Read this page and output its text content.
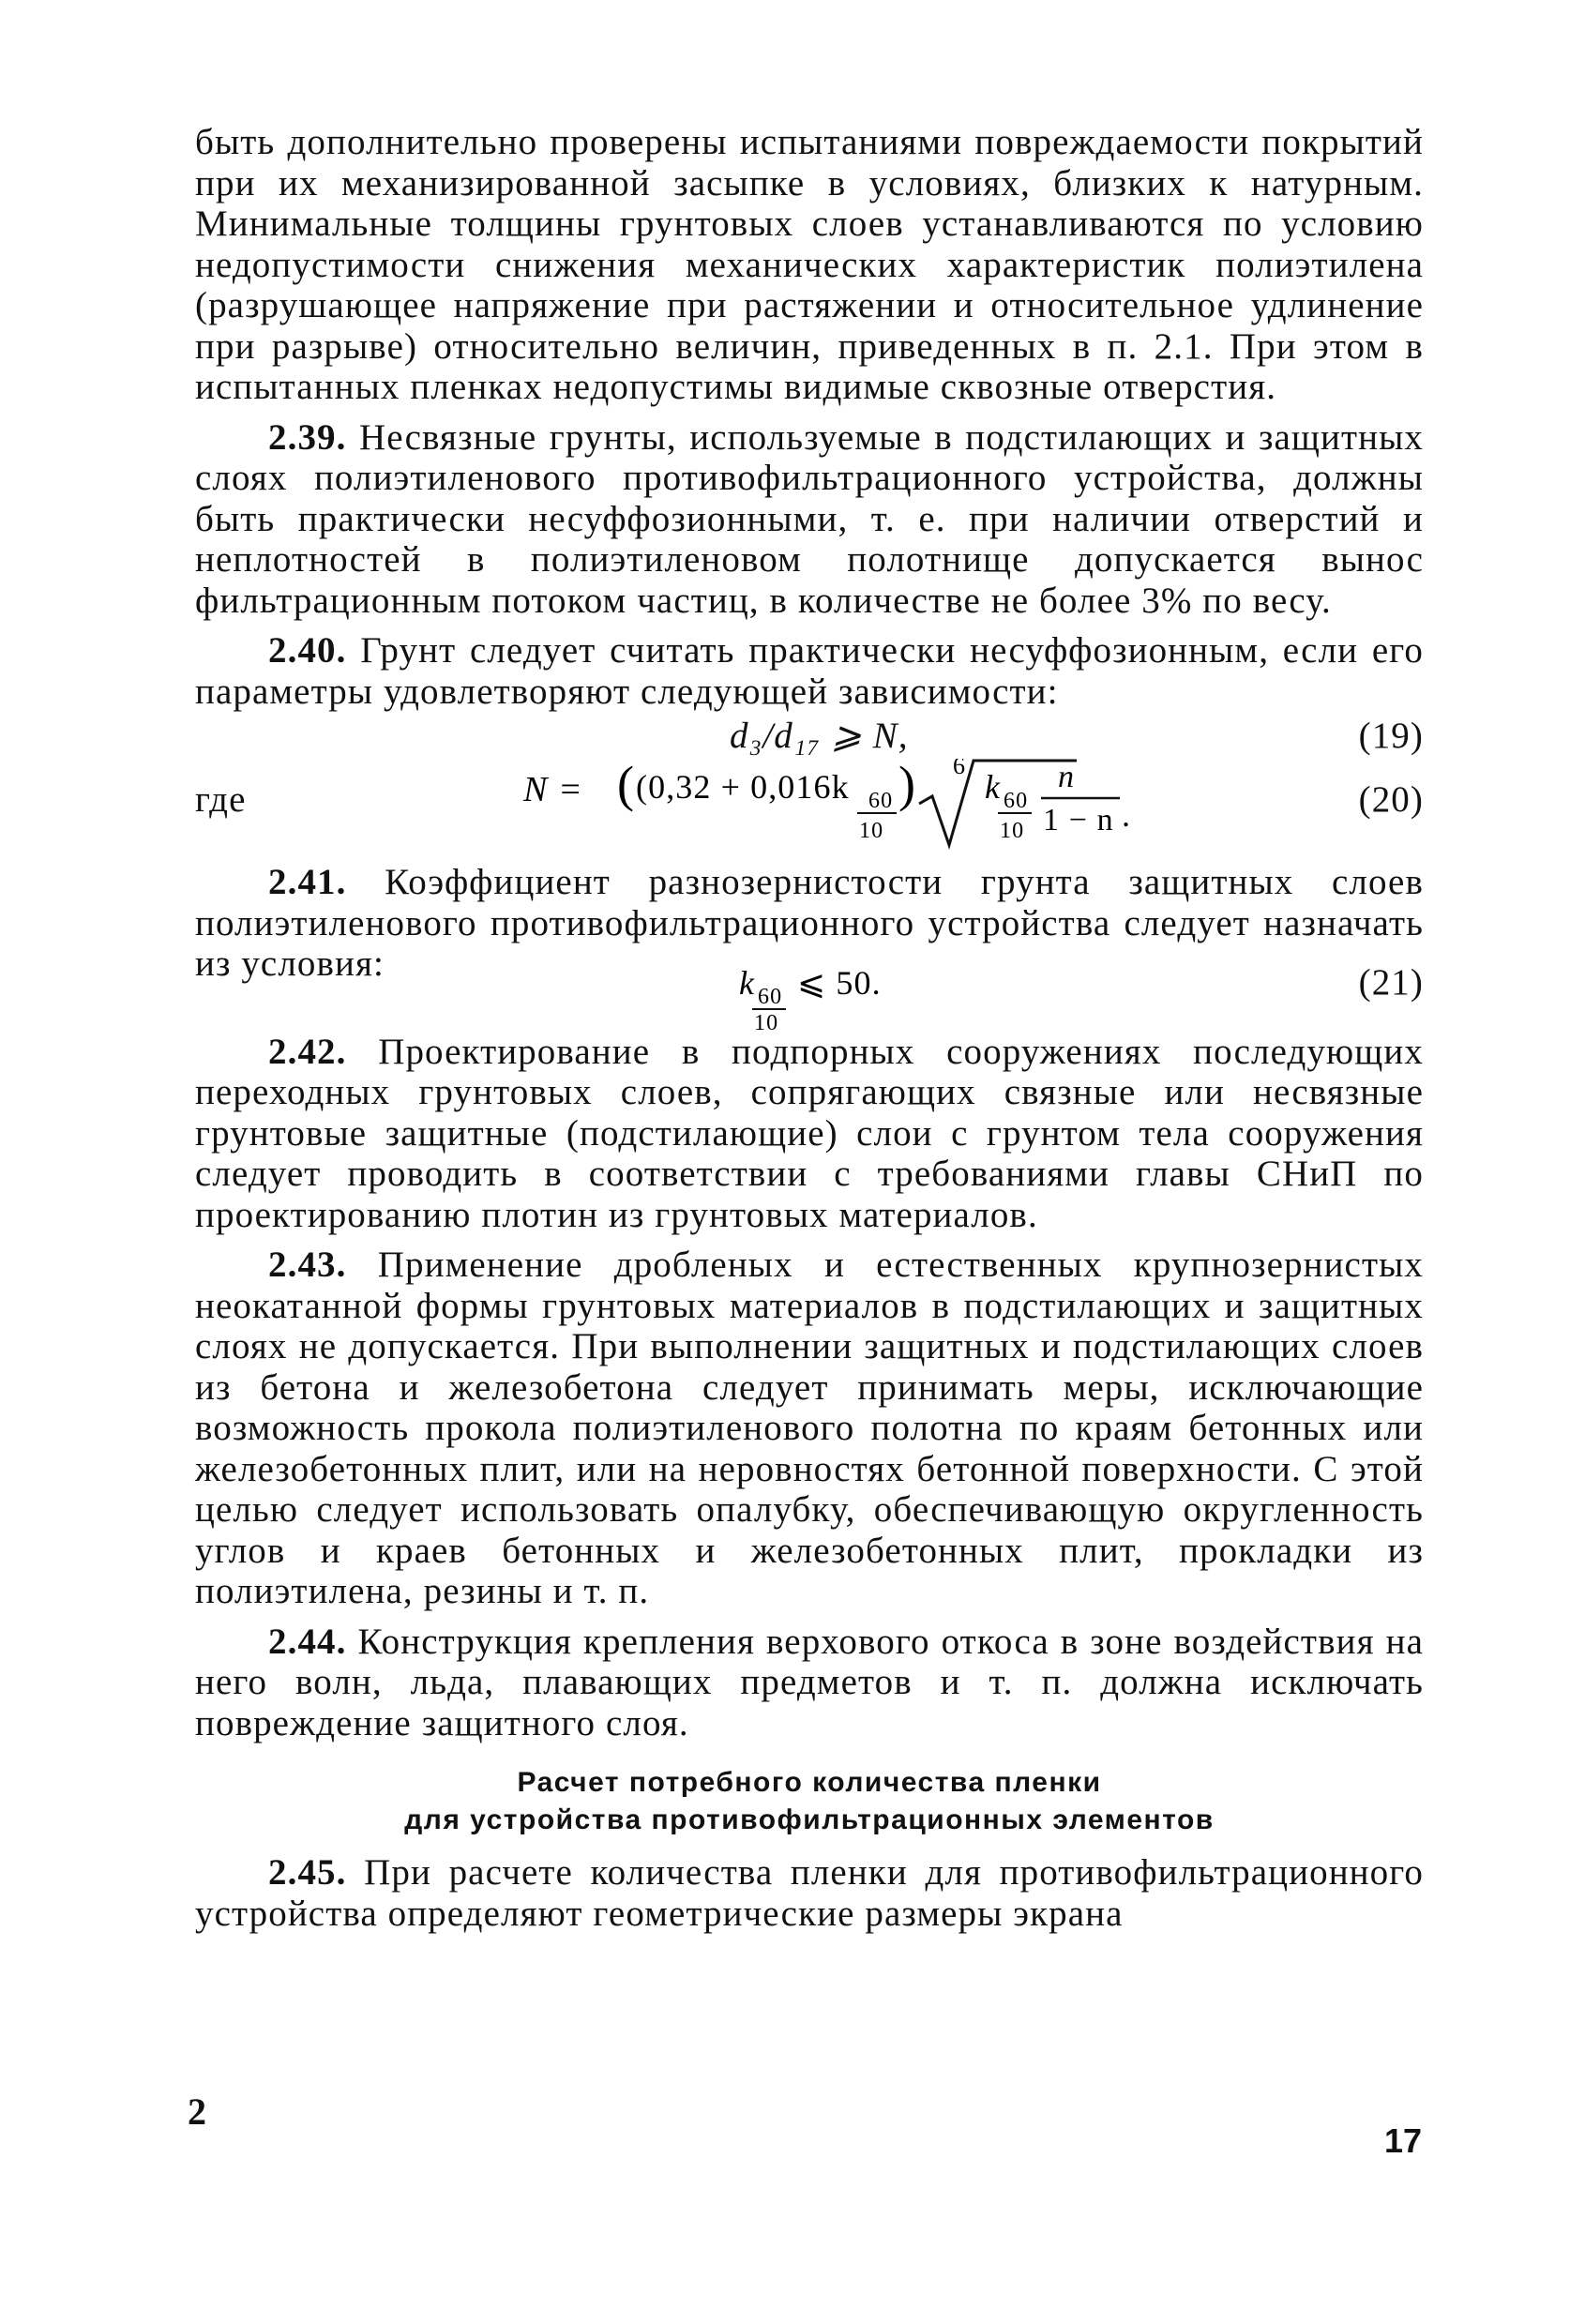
быть дополнительно проверены испытаниями повреждаемости покрытий при их механизированной засыпке в условиях, близких к натурным. Минимальные толщины грунтовых слоев устанавливаются по условию недопустимости снижения механических характеристик полиэтилена (разрушающее напряжение при растяжении и относительное удлинение при разрыве) относительно величин, приведенных в п. 2.1. При этом в испытанных пленках недопустимы видимые сквозные отверстия.

2.39. Несвязные грунты, используемые в подстилающих и защитных слоях полиэтиленового противофильтрационного устройства, должны быть практически несуффозионными, т. е. при наличии отверстий и неплотностей в полиэтиленовом полотнище допускается вынос фильтрационным потоком частиц, в количестве не более 3% по весу.

2.40. Грунт следует считать практически несуффозионным, если его параметры удовлетворяют следующей зависимости:

d₃/d₁₇ ⩾ N,	(19)
где	N = ( (0,32 + 0,016k 60
10
) 6
k 60
10
n
1 − n .	(20)

2.41. Коэффициент разнозернистости грунта защитных слоев полиэтиленового противофильтрационного устройства следует назначать из условия:	k 60
10
⩽ 50.	(21)

2.42. Проектирование в подпорных сооружениях последующих переходных грунтовых слоев, сопрягающих связные или несвязные грунтовые защитные (подстилающие) слои с грунтом тела сооружения следует проводить в соответствии с требованиями главы СНиП по проектированию плотин из грунтовых материалов.

2.43. Применение дробленых и естественных крупнозернистых неокатанной формы грунтовых материалов в подстилающих и защитных слоях не допускается. При выполнении защитных и подстилающих слоев из бетона и железобетона следует принимать меры, исключающие возможность прокола полиэтиленового полотна по краям бетонных или железобетонных плит, или на неровностях бетонной поверхности. С этой целью следует использовать опалубку, обеспечивающую округленность углов и краев бетонных и железобетонных плит, прокладки из полиэтилена, резины и т. п.

2.44. Конструкция крепления верхового откоса в зоне воздействия на него волн, льда, плавающих предметов и т. п. должна исключать повреждение защитного слоя.

Расчет потребного количества пленки
для устройства противофильтрационных элементов

2.45. При расчете количества пленки для противофильтрационного устройства определяют геометрические размеры экрана

2
17
